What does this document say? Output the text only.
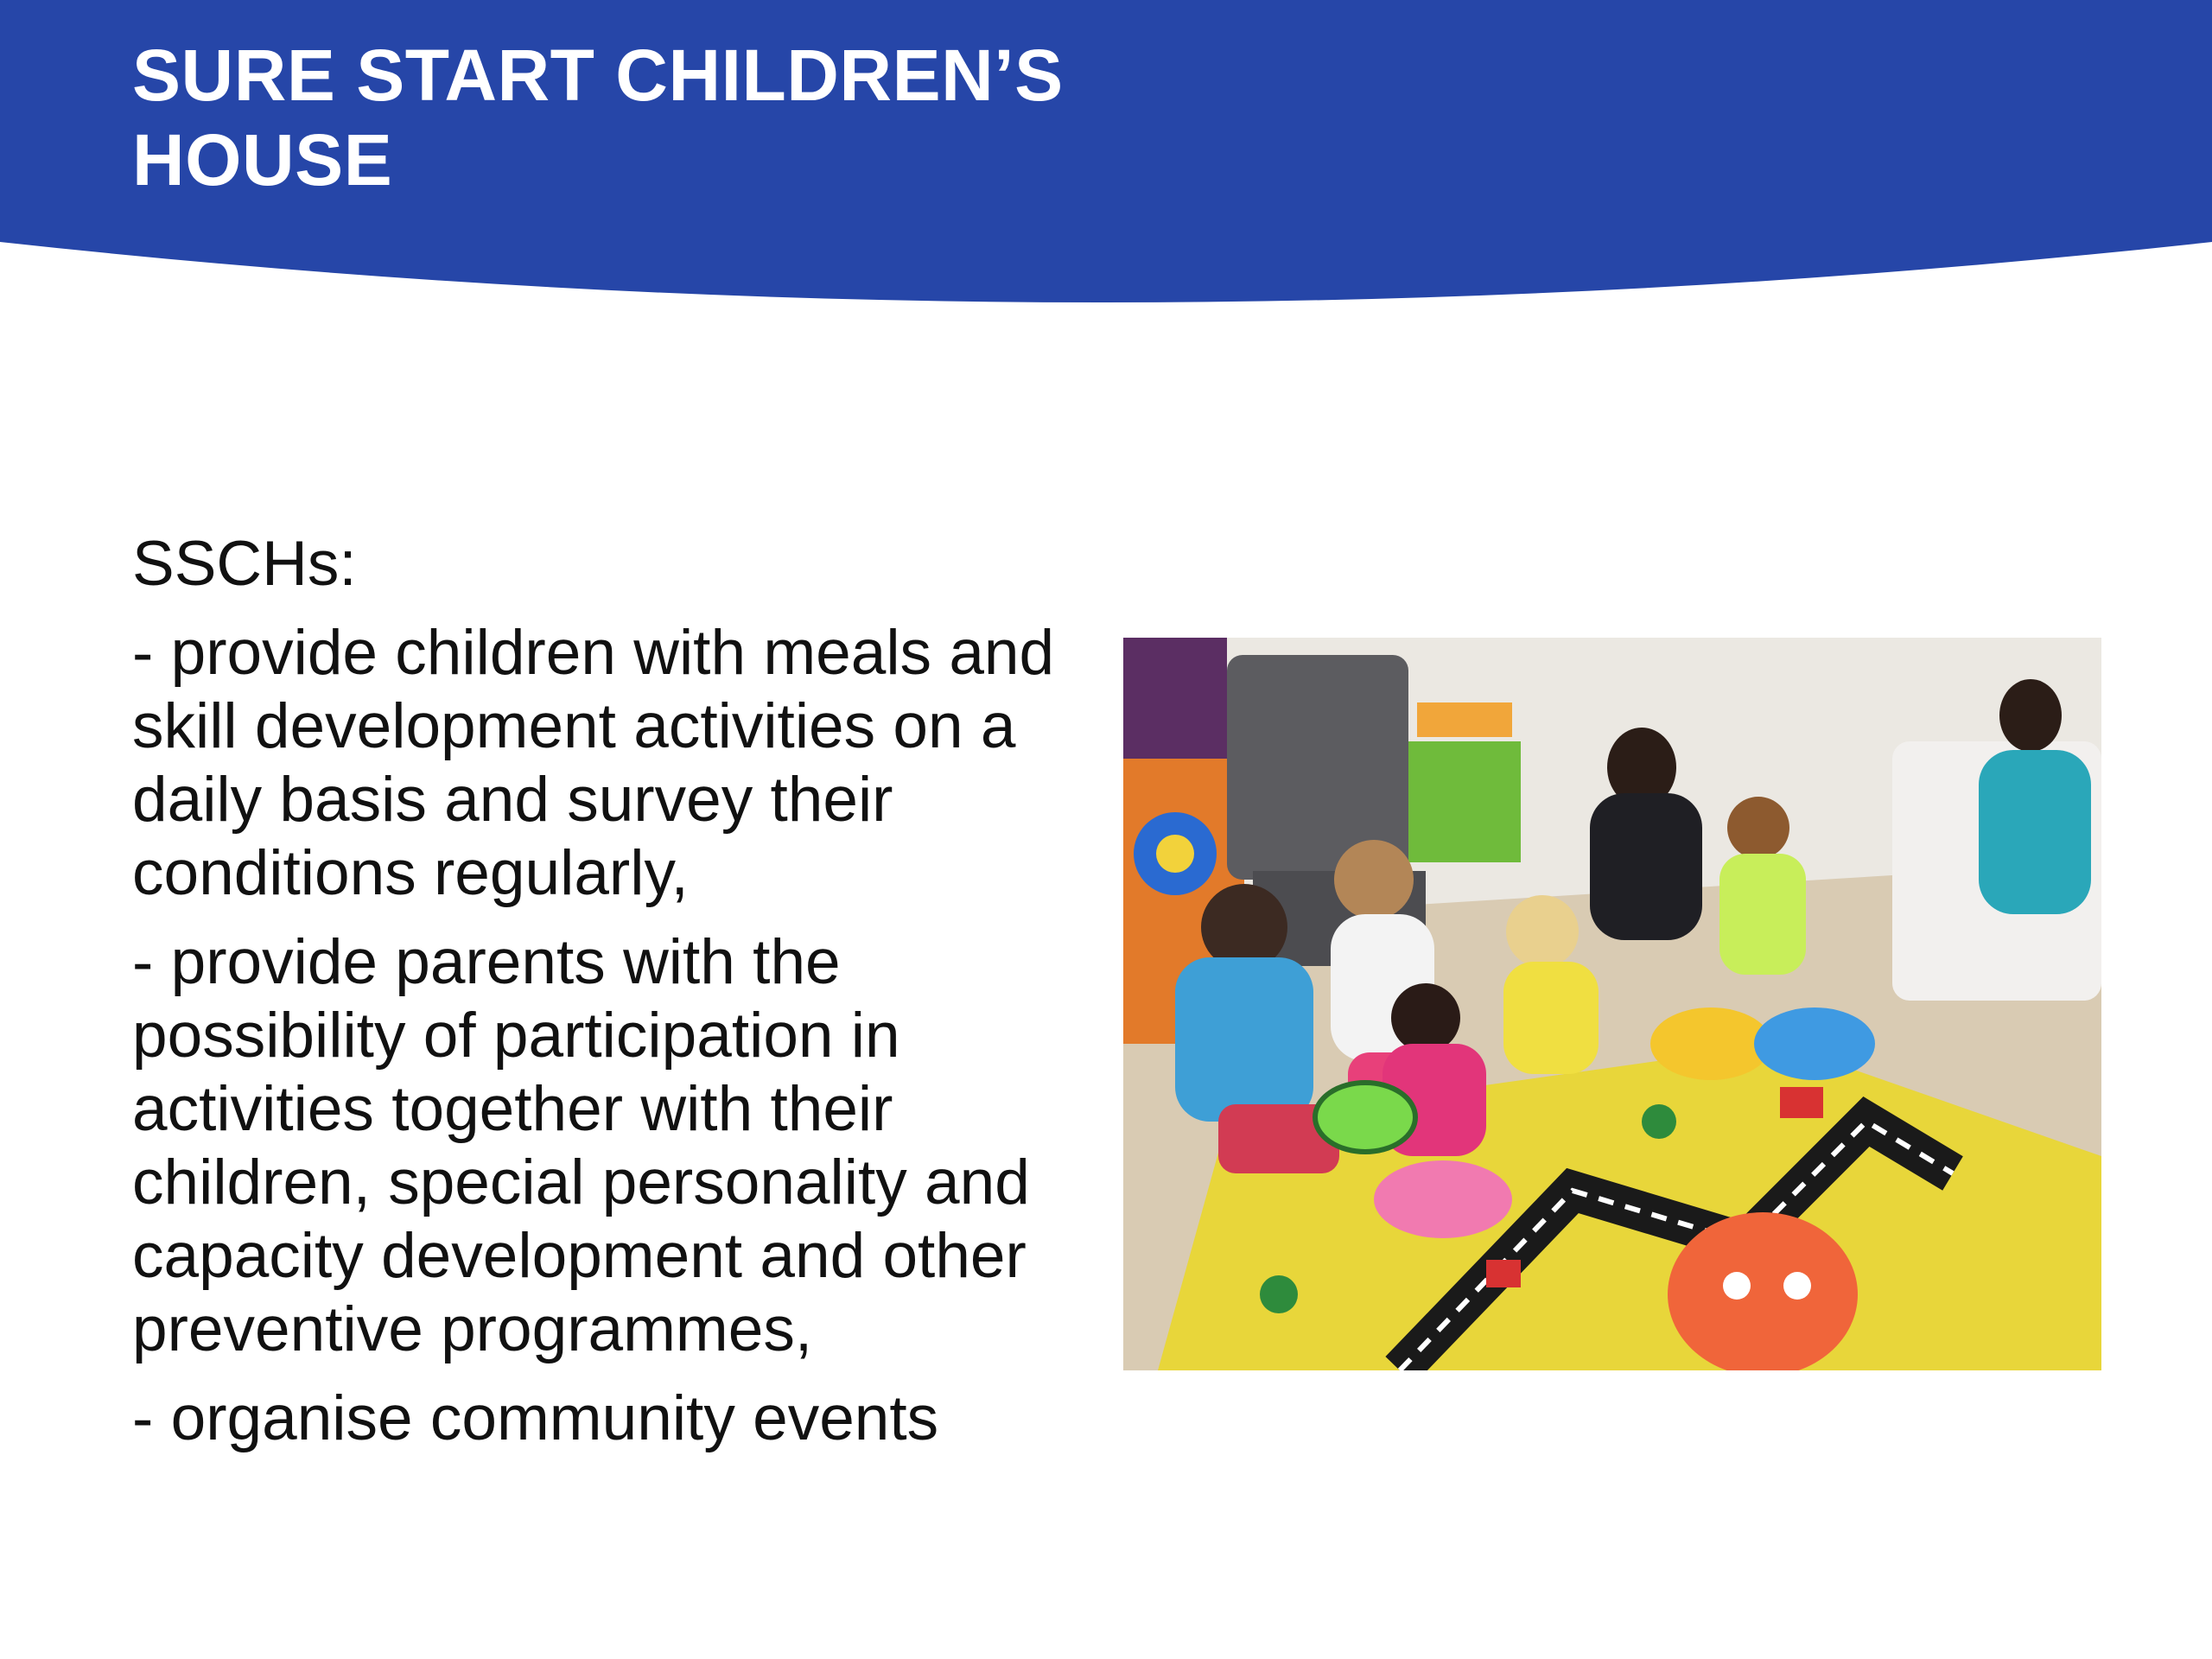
SURE START CHILDREN’S
HOUSE

SSCHs:

- provide children with meals and skill development activities on a daily basis and survey their conditions regularly,
- provide parents with the possibility of participation in activities together with their children, special personality and capacity development and other preventive programmes,
- organise community events
